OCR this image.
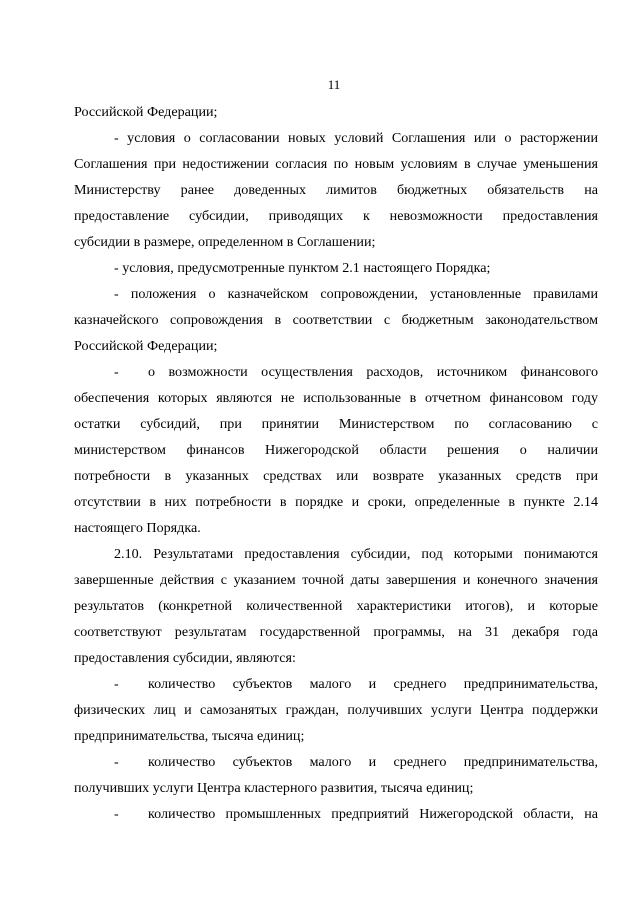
11
Российской Федерации;
- условия о согласовании новых условий Соглашения или о расторжении
Соглашения при недостижении согласия по новым условиям в случае уменьшения
Министерству ранее доведенных лимитов бюджетных обязательств на
предоставление субсидии, приводящих к невозможности предоставления
субсидии в размере, определенном в Соглашении;
- условия, предусмотренные пунктом 2.1 настоящего Порядка;
- положения о казначейском сопровождении, установленные правилами
казначейского сопровождения в соответствии с бюджетным законодательством
Российской Федерации;
-	о возможности осуществления расходов, источником финансового
обеспечения которых являются не использованные в отчетном финансовом году
остатки субсидий, при принятии Министерством по согласованию с
министерством финансов Нижегородской области решения о наличии
потребности в указанных средствах или возврате указанных средств при
отсутствии в них потребности в порядке и сроки, определенные в пункте 2.14
настоящего Порядка.
2.10. Результатами предоставления субсидии, под которыми понимаются
завершенные действия с указанием точной даты завершения и конечного значения
результатов (конкретной количественной характеристики итогов), и которые
соответствуют результатам государственной программы, на 31 декабря года
предоставления субсидии, являются:
-	количество субъектов малого и среднего предпринимательства,
физических лиц и самозанятых граждан, получивших услуги Центра поддержки
предпринимательства, тысяча единиц;
-	количество субъектов малого и среднего предпринимательства,
получивших услуги Центра кластерного развития, тысяча единиц;
-	количество промышленных предприятий Нижегородской области, на
